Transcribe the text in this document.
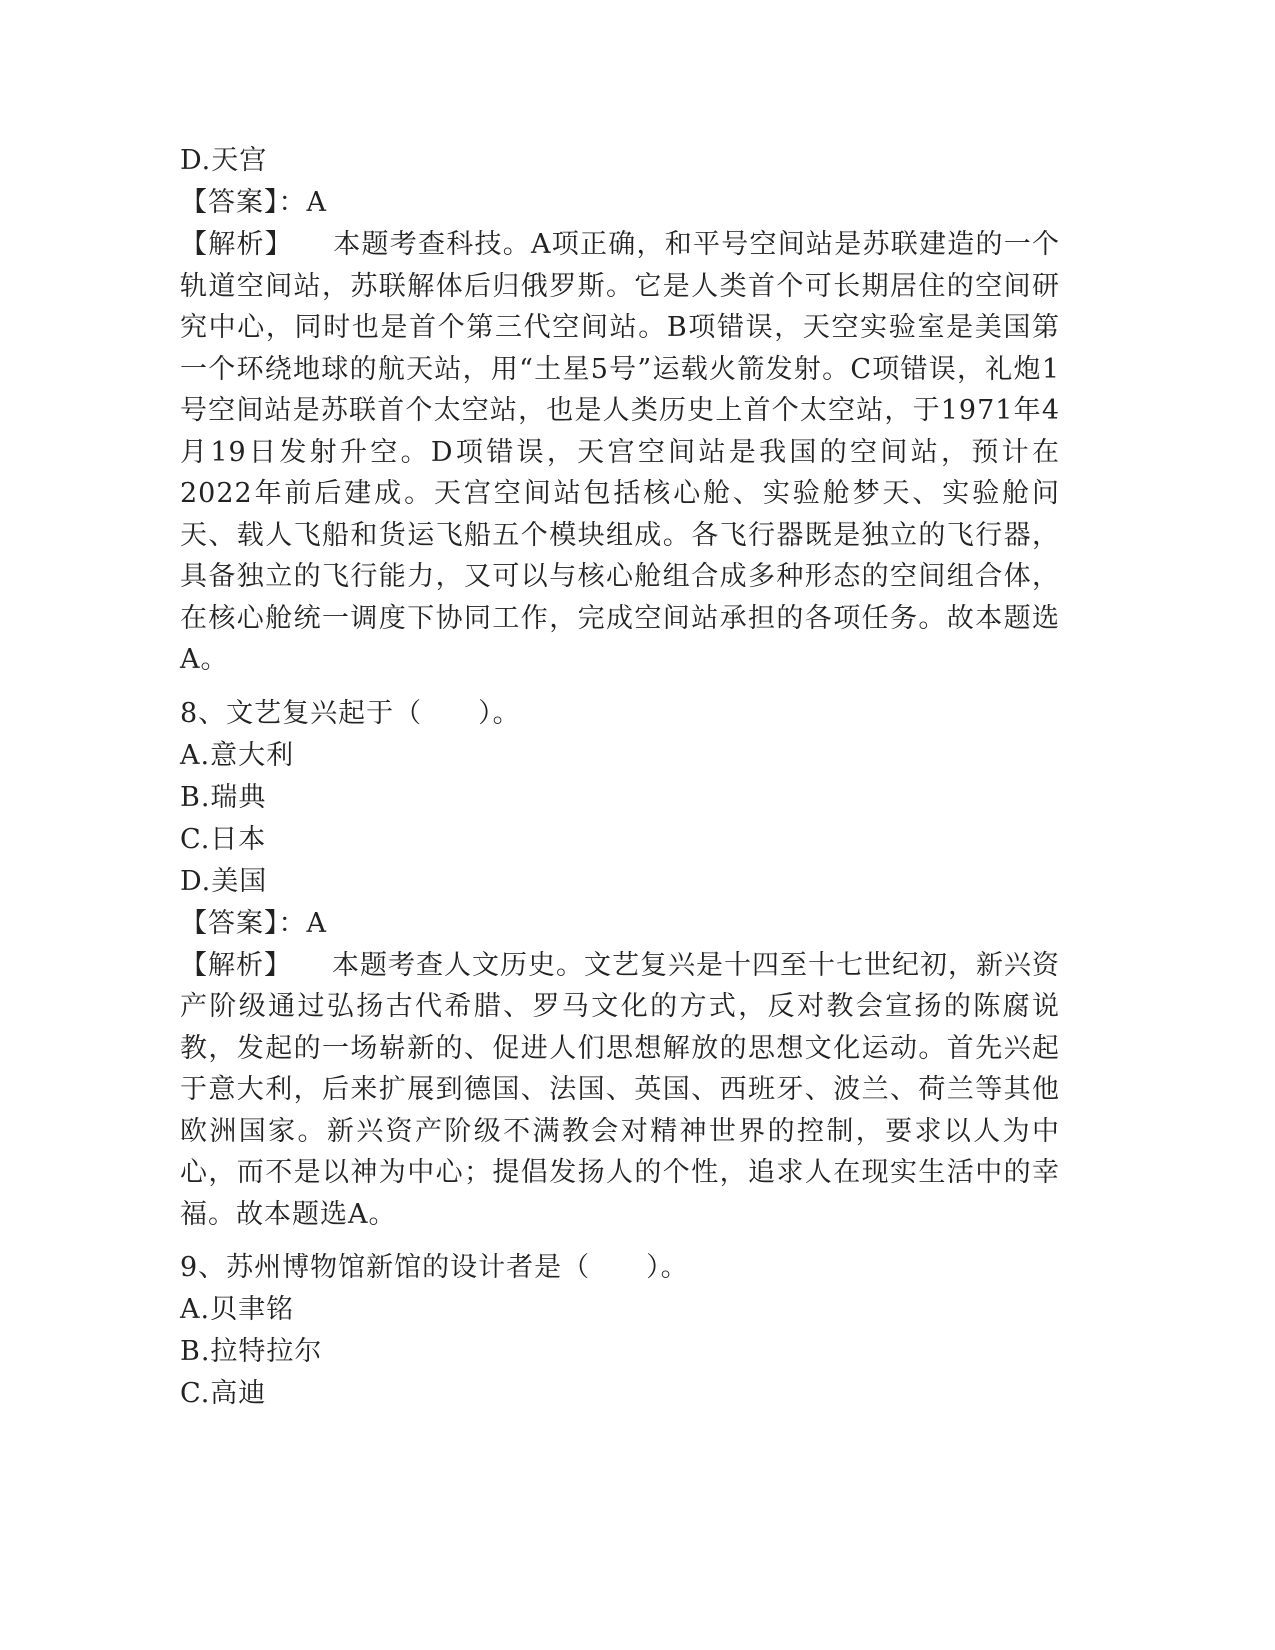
D.天宫
【答案】：A

【解析】 本题考查科技。A项正确，和平号空间站是苏联建造的一个轨道空间站，苏联解体后归俄罗斯。它是人类首个可长期居住的空间研究中心，同时也是首个第三代空间站。B项错误，天空实验室是美国第一个环绕地球的航天站，用“土星5号”运载火箭发射。C项错误，礼炮1号空间站是苏联首个太空站，也是人类历史上首个太空站，于1971年4月19日发射升空。D项错误，天宫空间站是我国的空间站，预计在2022年前后建成。天宫空间站包括核心舱、实验舱梦天、实验舱问天、载人飞船和货运飞船五个模块组成。各飞行器既是独立的飞行器，具备独立的飞行能力，又可以与核心舱组合成多种形态的空间组合体，在核心舱统一调度下协同工作，完成空间站承担的各项任务。故本题选A。

8、文艺复兴起于（　　）。
A.意大利
B.瑞典
C.日本
D.美国
【答案】：A

【解析】 本题考查人文历史。文艺复兴是十四至十七世纪初，新兴资产阶级通过弘扬古代希腊、罗马文化的方式，反对教会宣扬的陈腐说教，发起的一场崭新的、促进人们思想解放的思想文化运动。首先兴起于意大利，后来扩展到德国、法国、英国、西班牙、波兰、荷兰等其他欧洲国家。新兴资产阶级不满教会对精神世界的控制，要求以人为中心，而不是以神为中心；提倡发扬人的个性，追求人在现实生活中的幸福。故本题选A。

9、苏州博物馆新馆的设计者是（　　）。
A.贝聿铭
B.拉特拉尔
C.高迪
